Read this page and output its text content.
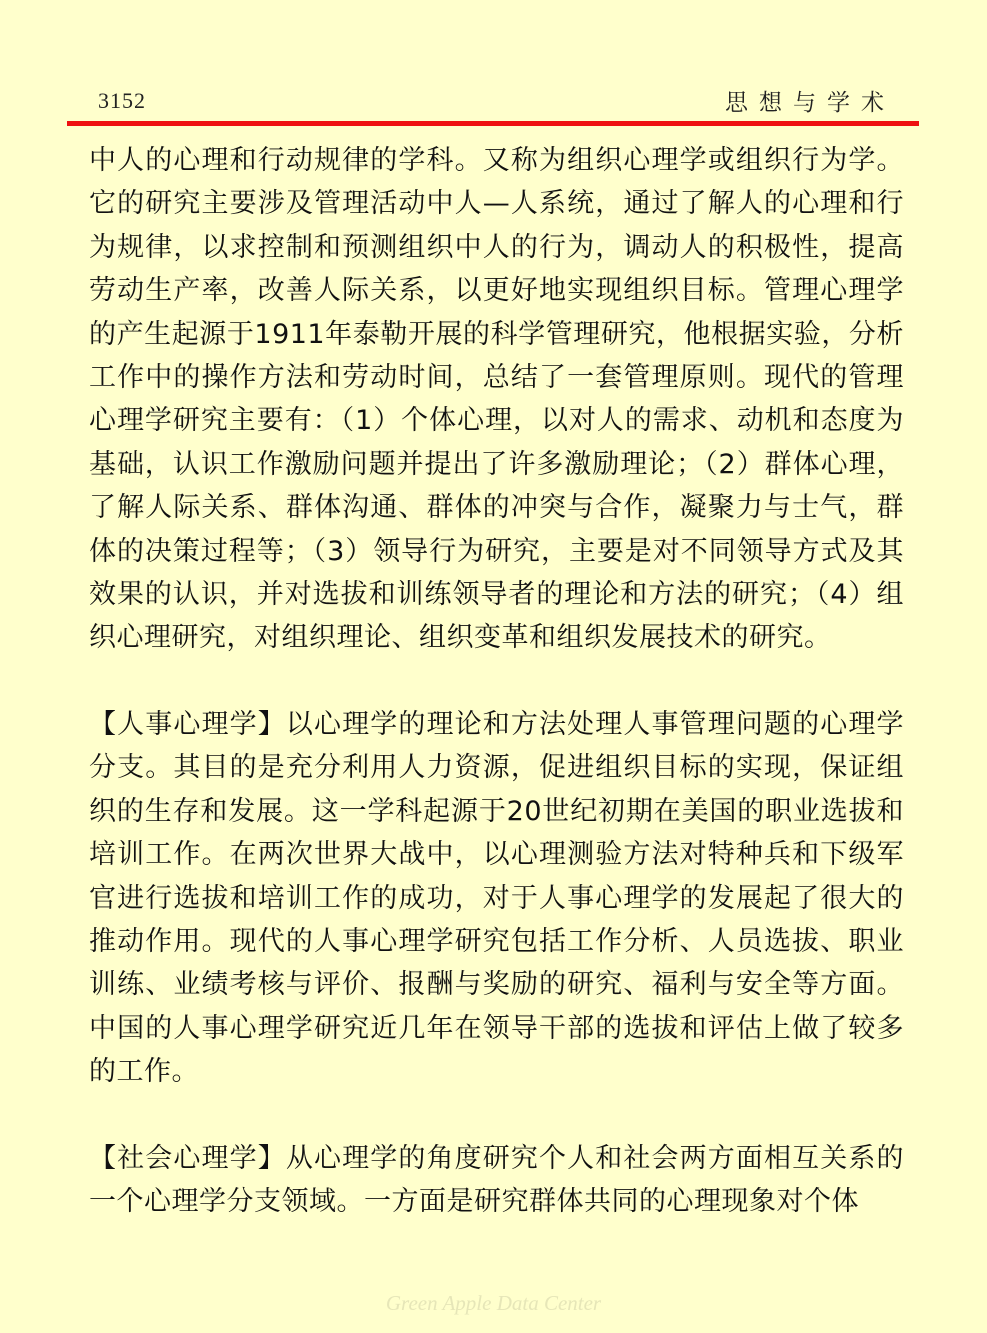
3152	思想与学术

中人的心理和行动规律的学科。又称为组织心理学或组织行为学。它的研究主要涉及管理活动中人—人系统，通过了解人的心理和行为规律，以求控制和预测组织中人的行为，调动人的积极性，提高劳动生产率，改善人际关系，以更好地实现组织目标。管理心理学的产生起源于1911年泰勒开展的科学管理研究，他根据实验，分析工作中的操作方法和劳动时间，总结了一套管理原则。现代的管理心理学研究主要有：（1）个体心理，以对人的需求、动机和态度为基础，认识工作激励问题并提出了许多激励理论；（2）群体心理，了解人际关系、群体沟通、群体的冲突与合作，凝聚力与士气，群体的决策过程等；（3）领导行为研究，主要是对不同领导方式及其效果的认识，并对选拔和训练领导者的理论和方法的研究；（4）组织心理研究，对组织理论、组织变革和组织发展技术的研究。

【人事心理学】以心理学的理论和方法处理人事管理问题的心理学分支。其目的是充分利用人力资源，促进组织目标的实现，保证组织的生存和发展。这一学科起源于20世纪初期在美国的职业选拔和培训工作。在两次世界大战中，以心理测验方法对特种兵和下级军官进行选拔和培训工作的成功，对于人事心理学的发展起了很大的推动作用。现代的人事心理学研究包括工作分析、人员选拔、职业训练、业绩考核与评价、报酬与奖励的研究、福利与安全等方面。中国的人事心理学研究近几年在领导干部的选拔和评估上做了较多的工作。

【社会心理学】从心理学的角度研究个人和社会两方面相互关系的一个心理学分支领域。一方面是研究群体共同的心理现象对个体

Green Apple Data Center
